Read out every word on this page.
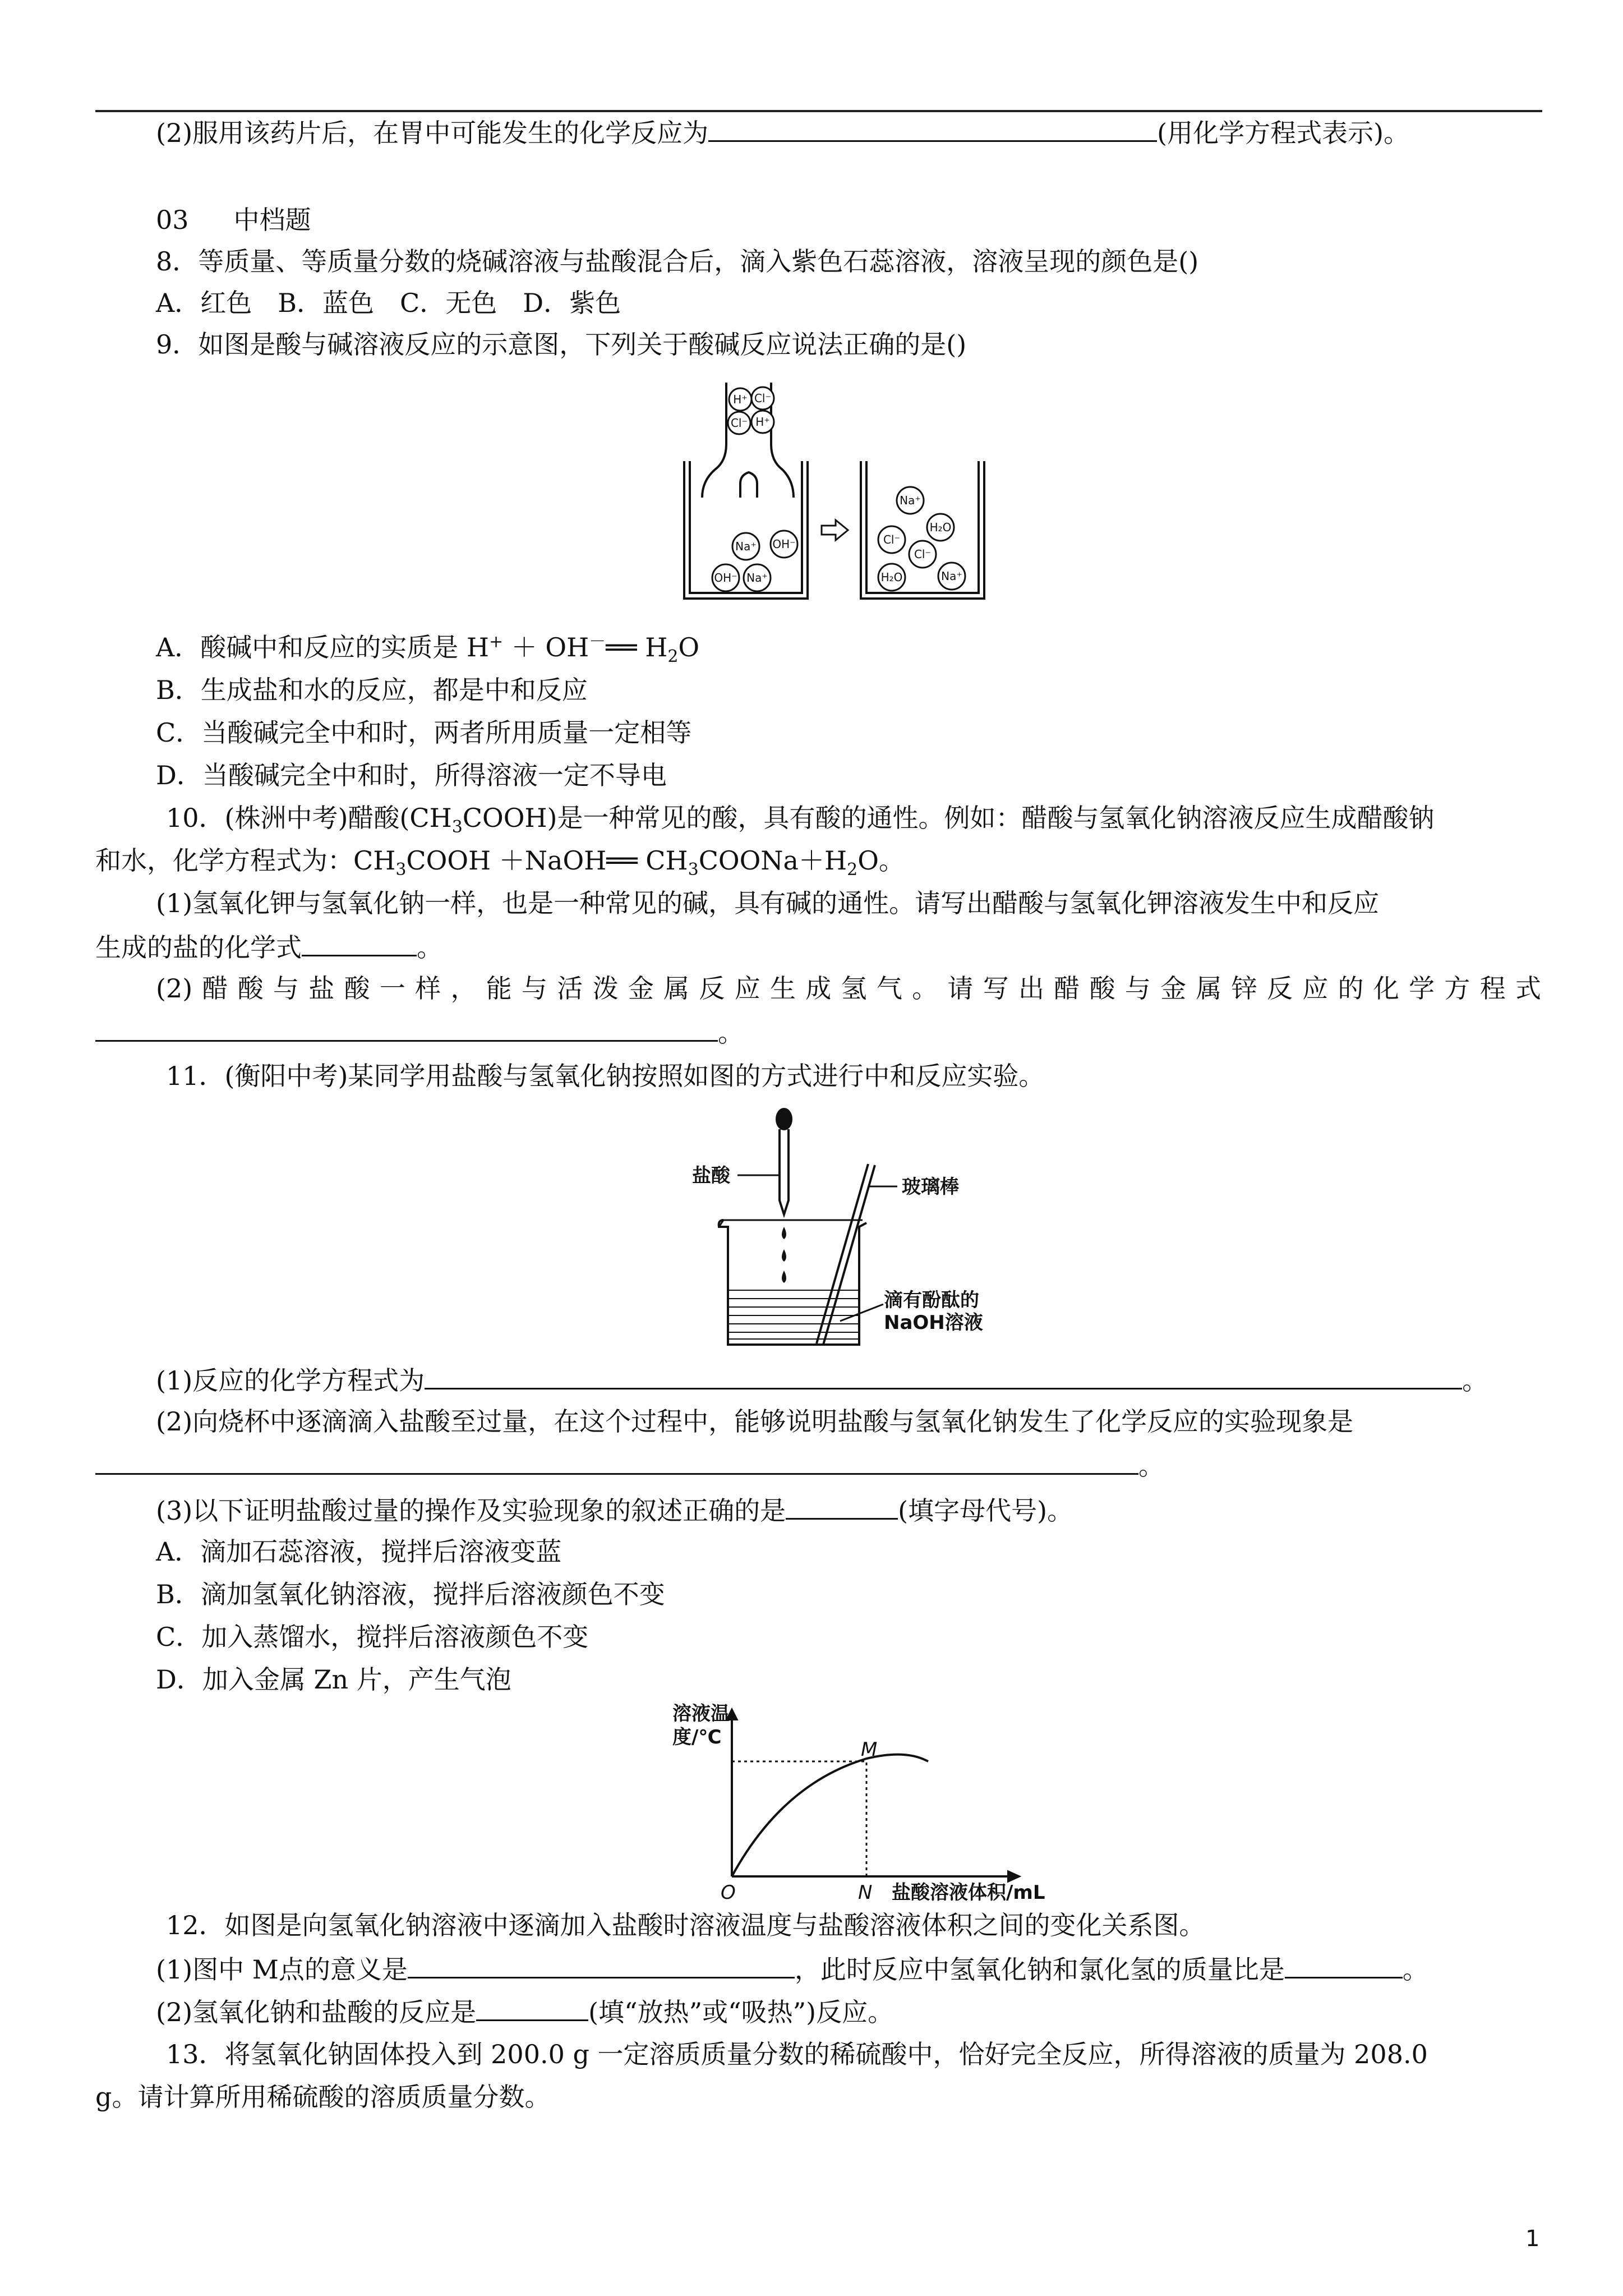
(2)服用该药片后，在胃中可能发生的化学反应为	(用化学方程式表示)。
03 中档题
8．等质量、等质量分数的烧碱溶液与盐酸混合后，滴入紫色石蕊溶液，溶液呈现的颜色是()
A．红色　B．蓝色　C．无色　D．紫色
9．如图是酸与碱溶液反应的示意图，下列关于酸碱反应说法正确的是()
H⁺ Cl⁻
Cl⁻ H⁺
Na⁺ OH⁻
OH⁻ Na⁺
Na⁺
H₂O
Cl⁻
Cl⁻
H₂O	Na⁺
A．酸碱中和反应的实质是 H+ ＋ OH－══ $H_2O$
B．生成盐和水的反应，都是中和反应
C．当酸碱完全中和时，两者所用质量一定相等
D．当酸碱完全中和时，所得溶液一定不导电
10．(株洲中考)醋酸$(CH_3COOH)$是一种常见的酸，具有酸的通性。例如：醋酸与氢氧化钠溶液反应生成醋酸钠
和水，化学方程式为：$CH_3COOH$ ＋NaOH══ $CH_3COONa+H_2O$。
(1)氢氧化钾与氢氧化钠一样，也是一种常见的碱，具有碱的通性。请写出醋酸与氢氧化钾溶液发生中和反应
生成的盐的化学式	。
(2)醋酸与盐酸一样，能与活泼金属反应生成氢气。请写出醋酸与金属锌反应的化学方程式
。
11．(衡阳中考)某同学用盐酸与氢氧化钠按照如图的方式进行中和反应实验。
盐酸	玻璃棒
滴有酚酞的
NaOH溶液
(1)反应的化学方程式为	。
(2)向烧杯中逐滴滴入盐酸至过量，在这个过程中，能够说明盐酸与氢氧化钠发生了化学反应的实验现象是
。
(3)以下证明盐酸过量的操作及实验现象的叙述正确的是	(填字母代号)。
A．滴加石蕊溶液，搅拌后溶液变蓝
B．滴加氢氧化钠溶液，搅拌后溶液颜色不变
C．加入蒸馏水，搅拌后溶液颜色不变
D．加入金属 Zn 片，产生气泡
溶液温
度/℃
O
M
N 盐酸溶液体积/mL
12．如图是向氢氧化钠溶液中逐滴加入盐酸时溶液温度与盐酸溶液体积之间的变化关系图。
(1)图中 M点的意义是	，此时反应中氢氧化钠和氯化氢的质量比是	。
(2)氢氧化钠和盐酸的反应是	(填“放热”或“吸热”)反应。
13．将氢氧化钠固体投入到 200.0 g 一定溶质质量分数的稀硫酸中，恰好完全反应，所得溶液的质量为 208.0
g。请计算所用稀硫酸的溶质质量分数。
1
